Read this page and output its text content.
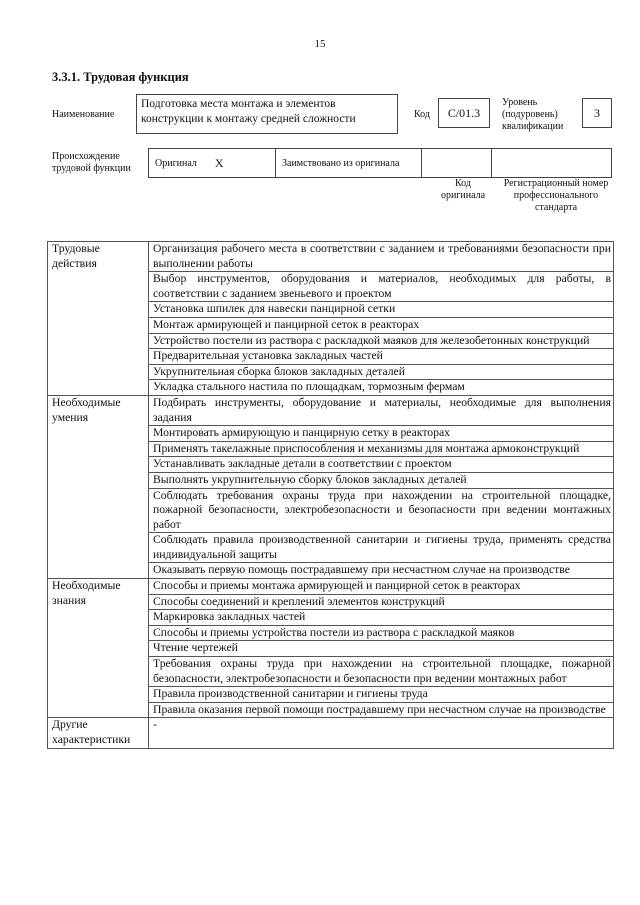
15
3.3.1. Трудовая функция
Наименование
Подготовка места монтажа и элементов конструкции к монтажу средней сложности	Код	C/01.3
Уровень (подуровень) квалификации
3
Происхождение трудовой функции	Оригинал X	Заимствовано из оригинала
Код оригинала
Регистрационный номер профессионального стандарта
Трудовые действия	Организация рабочего места в соответствии с заданием и требованиями безопасности при выполнении работы
	Выбор инструментов, оборудования и материалов, необходимых для работы, в соответствии с заданием звеньевого и проектом
	Установка шпилек для навески панцирной сетки
	Монтаж армирующей и панцирной сеток в реакторах
	Устройство постели из раствора с раскладкой маяков для железобетонных конструкций
	Предварительная установка закладных частей
	Укрупнительная сборка блоков закладных деталей
	Укладка стального настила по площадкам, тормозным фермам
Необходимые умения	Подбирать инструменты, оборудование и материалы, необходимые для выполнения задания
	Монтировать армирующую и панцирную сетку в реакторах
	Применять такелажные приспособления и механизмы для монтажа армоконструкций
	Устанавливать закладные детали в соответствии с проектом
	Выполнять укрупнительную сборку блоков закладных деталей
	Соблюдать требования охраны труда при нахождении на строительной площадке, пожарной безопасности, электробезопасности и безопасности при ведении монтажных работ
	Соблюдать правила производственной санитарии и гигиены труда, применять средства индивидуальной защиты
	Оказывать первую помощь пострадавшему при несчастном случае на производстве
Необходимые знания	Способы и приемы монтажа армирующей и панцирной сеток в реакторах
	Способы соединений и креплений элементов конструкций
	Маркировка закладных частей
	Способы и приемы устройства постели из раствора с раскладкой маяков
	Чтение чертежей
	Требования охраны труда при нахождении на строительной площадке, пожарной безопасности, электробезопасности и безопасности при ведении монтажных работ
	Правила производственной санитарии и гигиены труда
	Правила оказания первой помощи пострадавшему при несчастном случае на производстве
Другие характеристики	-
